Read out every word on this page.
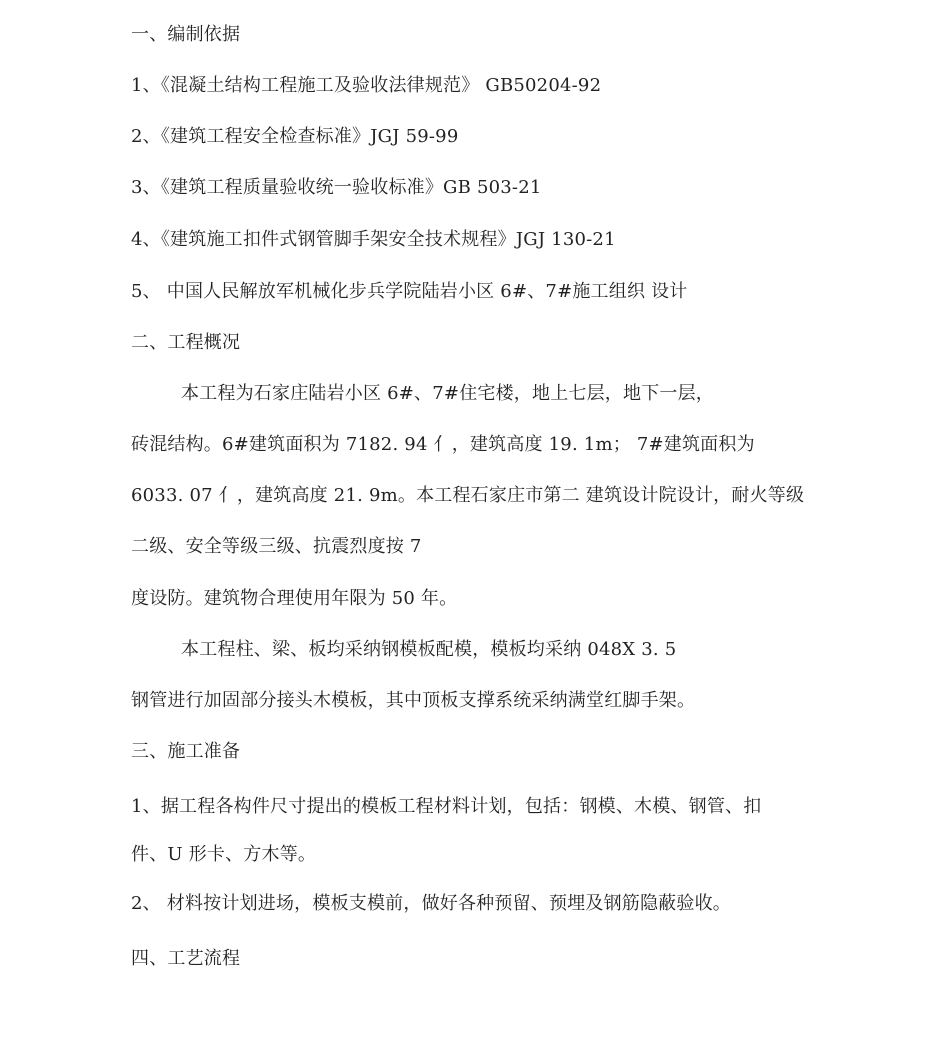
一、编制依据
1、《混凝土结构工程施工及验收法律规范》 GB50204-92
2、《建筑工程安全检查标准》JGJ 59-99
3、《建筑工程质量验收统一验收标准》GB 503-21
4、《建筑施工扣件式钢管脚手架安全技术规程》JGJ 130-21
5、 中国人民解放军机械化步兵学院陆岩小区 6#、7#施工组织 设计
二、工程概况
本工程为石家庄陆岩小区 6#、7#住宅楼，地上七层，地下一层，
砖混结构。6#建筑面积为 7182. 94 亻，建筑高度 19. 1m； 7#建筑面积为
6033. 07 亻，建筑高度 21. 9m。本工程石家庄市第二 建筑设计院设计，耐火等级
二级、安全等级三级、抗震烈度按 7
度设防。建筑物合理使用年限为 50 年。
本工程柱、梁、板均采纳钢模板配模，模板均采纳 048X 3. 5
钢管进行加固部分接头木模板，其中顶板支撑系统采纳满堂红脚手架。
三、施工准备
1、据工程各构件尺寸提出的模板工程材料计划，包括：钢模、木模、钢管、扣
件、U 形卡、方木等。
2、 材料按计划进场，模板支模前，做好各种预留、预埋及钢筋隐蔽验收。
四、工艺流程
